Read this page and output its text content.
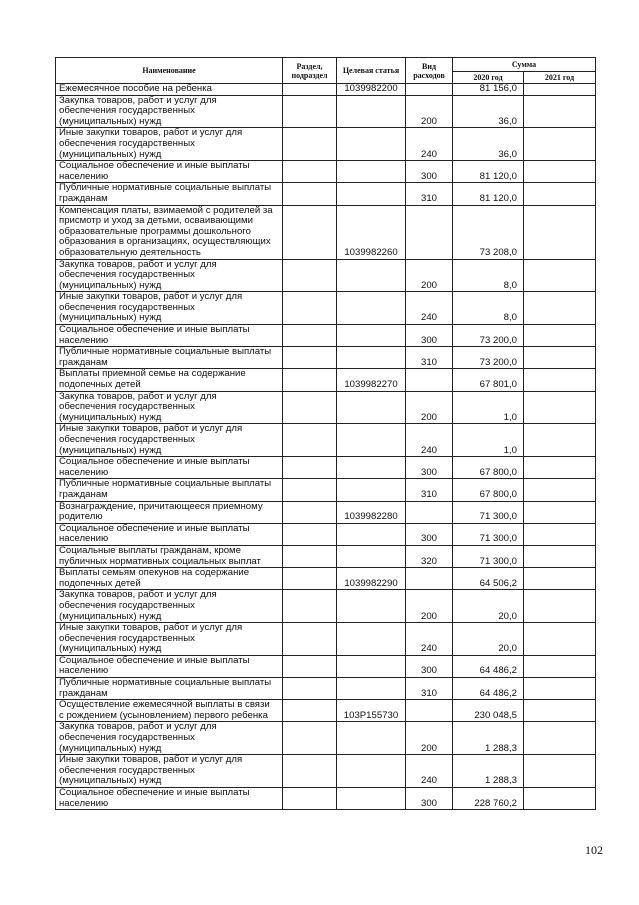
Наименование	Раздел, подраздел	Целевая статья	Вид расходов	Сумма	
				2020 год	2021 год
Ежемесячное пособие на ребенка		1039982200		81 156,0	
Закупка товаров, работ и услуг для
обеспечения государственных
(муниципальных) нужд			200	36,0	
Иные закупки товаров, работ и услуг для
обеспечения государственных
(муниципальных) нужд			240	36,0	
Социальное обеспечение и иные выплаты
населению			300	81 120,0	
Публичные нормативные социальные выплаты
гражданам			310	81 120,0	
Компенсация платы, взимаемой с родителей за
присмотр и уход за детьми, осваивающими
образовательные программы дошкольного
образования в организациях, осуществляющих
образовательную деятельность		1039982260		73 208,0	
Закупка товаров, работ и услуг для
обеспечения государственных
(муниципальных) нужд			200	8,0	
Иные закупки товаров, работ и услуг для
обеспечения государственных
(муниципальных) нужд			240	8,0	
Социальное обеспечение и иные выплаты
населению			300	73 200,0	
Публичные нормативные социальные выплаты
гражданам			310	73 200,0	
Выплаты приемной семье на содержание
подопечных детей		1039982270		67 801,0	
Закупка товаров, работ и услуг для
обеспечения государственных
(муниципальных) нужд			200	1,0	
Иные закупки товаров, работ и услуг для
обеспечения государственных
(муниципальных) нужд			240	1,0	
Социальное обеспечение и иные выплаты
населению			300	67 800,0	
Публичные нормативные социальные выплаты
гражданам			310	67 800,0	
Вознаграждение, причитающееся приемному
родителю		1039982280		71 300,0	
Социальное обеспечение и иные выплаты
населению			300	71 300,0	
Социальные выплаты гражданам, кроме
публичных нормативных социальных выплат			320	71 300,0	
Выплаты семьям опекунов на содержание
подопечных детей		1039982290		64 506,2	
Закупка товаров, работ и услуг для
обеспечения государственных
(муниципальных) нужд			200	20,0	
Иные закупки товаров, работ и услуг для
обеспечения государственных
(муниципальных) нужд			240	20,0	
Социальное обеспечение и иные выплаты
населению			300	64 486,2	
Публичные нормативные социальные выплаты
гражданам			310	64 486,2	
Осуществление ежемесячной выплаты в связи
с рождением (усыновлением) первого ребенка		103P155730		230 048,5	
Закупка товаров, работ и услуг для
обеспечения государственных
(муниципальных) нужд			200	1 288,3	
Иные закупки товаров, работ и услуг для
обеспечения государственных
(муниципальных) нужд			240	1 288,3	
Социальное обеспечение и иные выплаты
населению			300	228 760,2	
102
